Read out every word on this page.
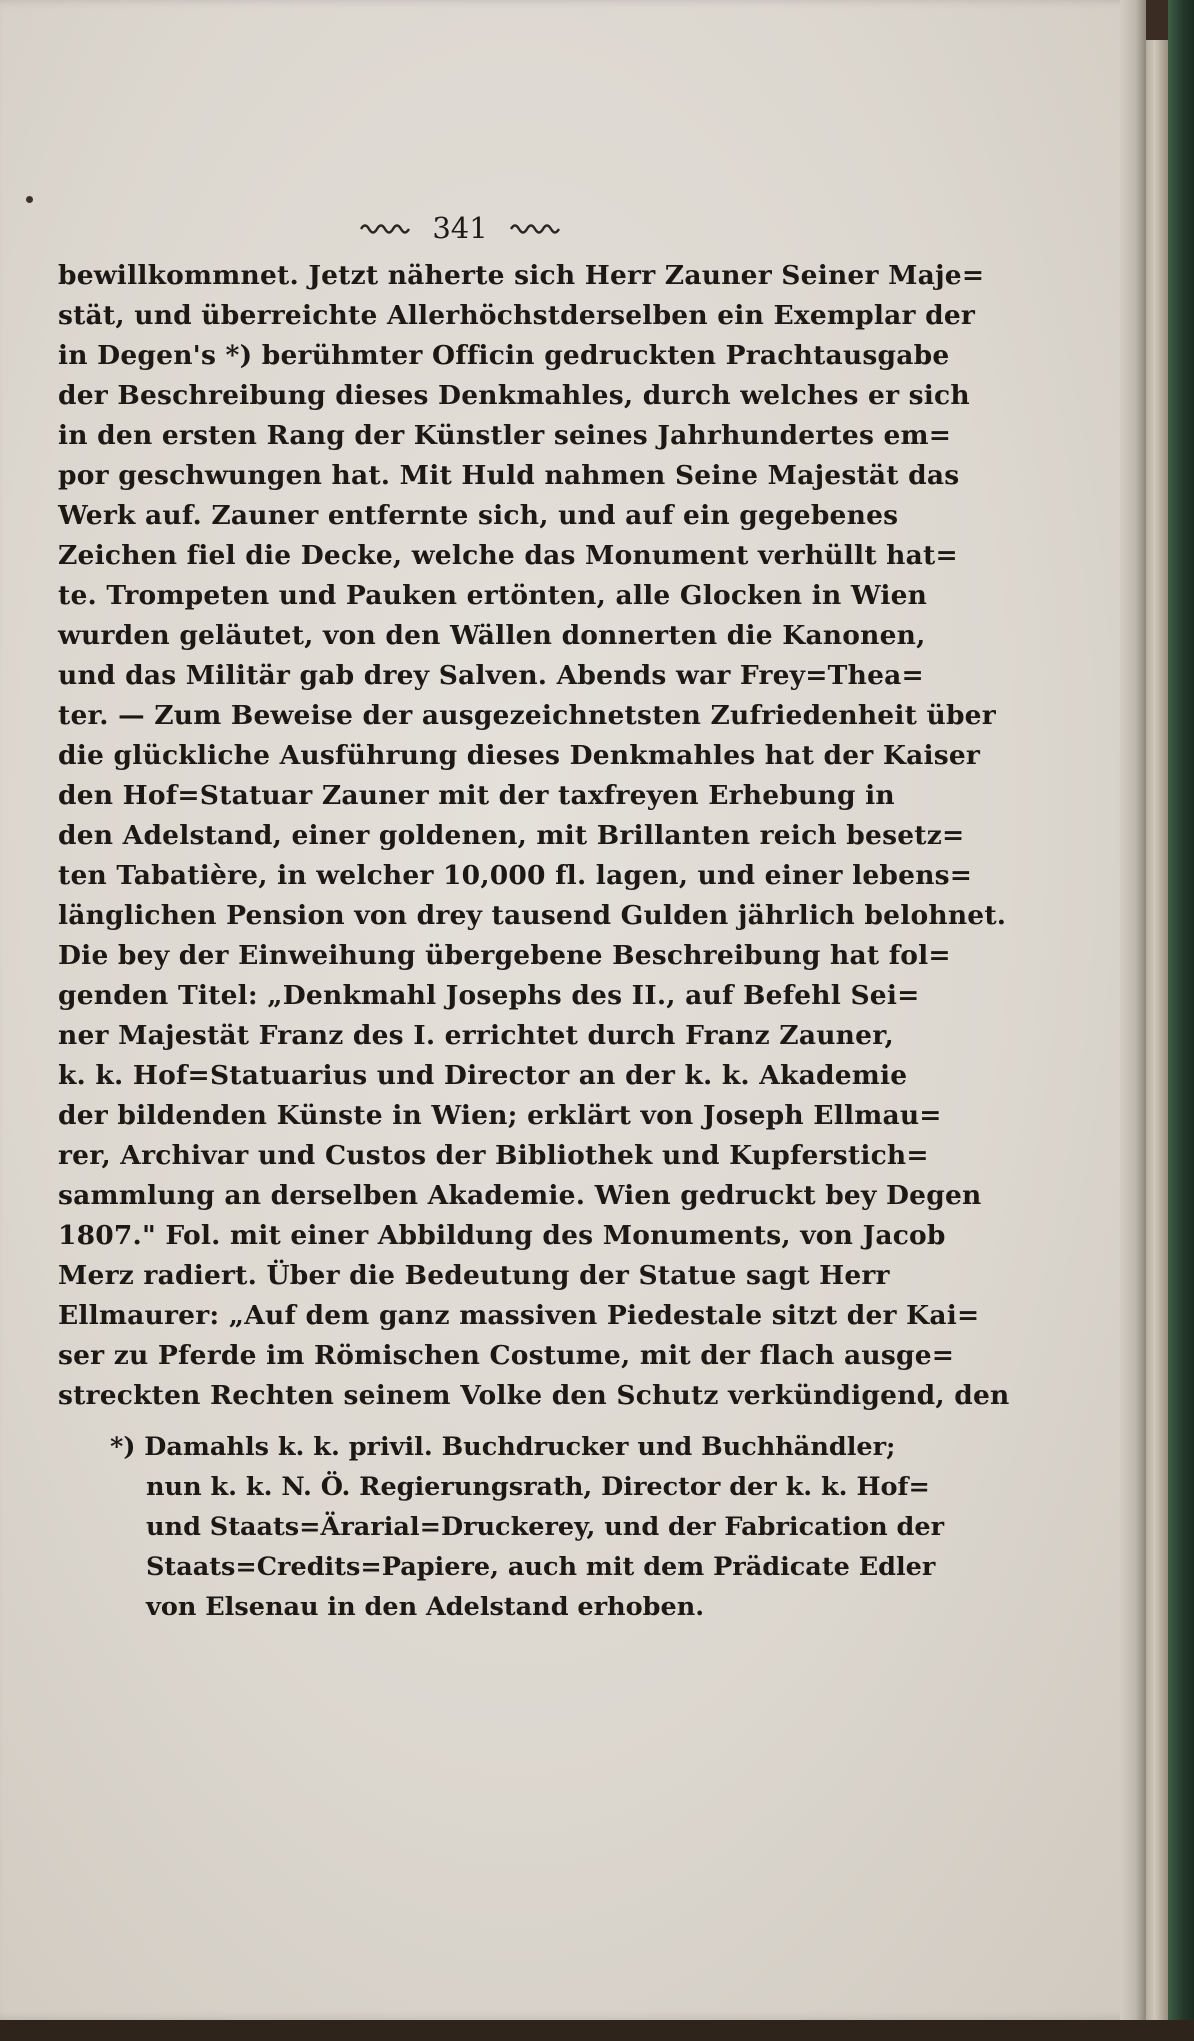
341
bewillkommnet. Jetzt näherte sich Herr Zauner Seiner Maje=
stät, und überreichte Allerhöchstderselben ein Exemplar der
in Degen's *) berühmter Officin gedruckten Prachtausgabe
der Beschreibung dieses Denkmahles, durch welches er sich
in den ersten Rang der Künstler seines Jahrhundertes em=
por geschwungen hat. Mit Huld nahmen Seine Majestät das
Werk auf. Zauner entfernte sich, und auf ein gegebenes
Zeichen fiel die Decke, welche das Monument verhüllt hat=
te. Trompeten und Pauken ertönten, alle Glocken in Wien
wurden geläutet, von den Wällen donnerten die Kanonen,
und das Militär gab drey Salven. Abends war Frey=Thea=
ter. — Zum Beweise der ausgezeichnetsten Zufriedenheit über
die glückliche Ausführung dieses Denkmahles hat der Kaiser
den Hof=Statuar Zauner mit der taxfreyen Erhebung in
den Adelstand, einer goldenen, mit Brillanten reich besetz=
ten Tabatière, in welcher 10,000 fl. lagen, und einer lebens=
länglichen Pension von drey tausend Gulden jährlich belohnet.
Die bey der Einweihung übergebene Beschreibung hat fol=
genden Titel: „Denkmahl Josephs des II., auf Befehl Sei=
ner Majestät Franz des I. errichtet durch Franz Zauner,
k. k. Hof=Statuarius und Director an der k. k. Akademie
der bildenden Künste in Wien; erklärt von Joseph Ellmau=
rer, Archivar und Custos der Bibliothek und Kupferstich=
sammlung an derselben Akademie. Wien gedruckt bey Degen
1807." Fol. mit einer Abbildung des Monuments, von Jacob
Merz radiert. Über die Bedeutung der Statue sagt Herr
Ellmaurer: „Auf dem ganz massiven Piedestale sitzt der Kai=
ser zu Pferde im Römischen Costume, mit der flach ausge=
streckten Rechten seinem Volke den Schutz verkündigend, den
*) Damahls k. k. privil. Buchdrucker und Buchhändler;
nun k. k. N. Ö. Regierungsrath, Director der k. k. Hof=
und Staats=Ärarial=Druckerey, und der Fabrication der
Staats=Credits=Papiere, auch mit dem Prädicate Edler
von Elsenau in den Adelstand erhoben.
